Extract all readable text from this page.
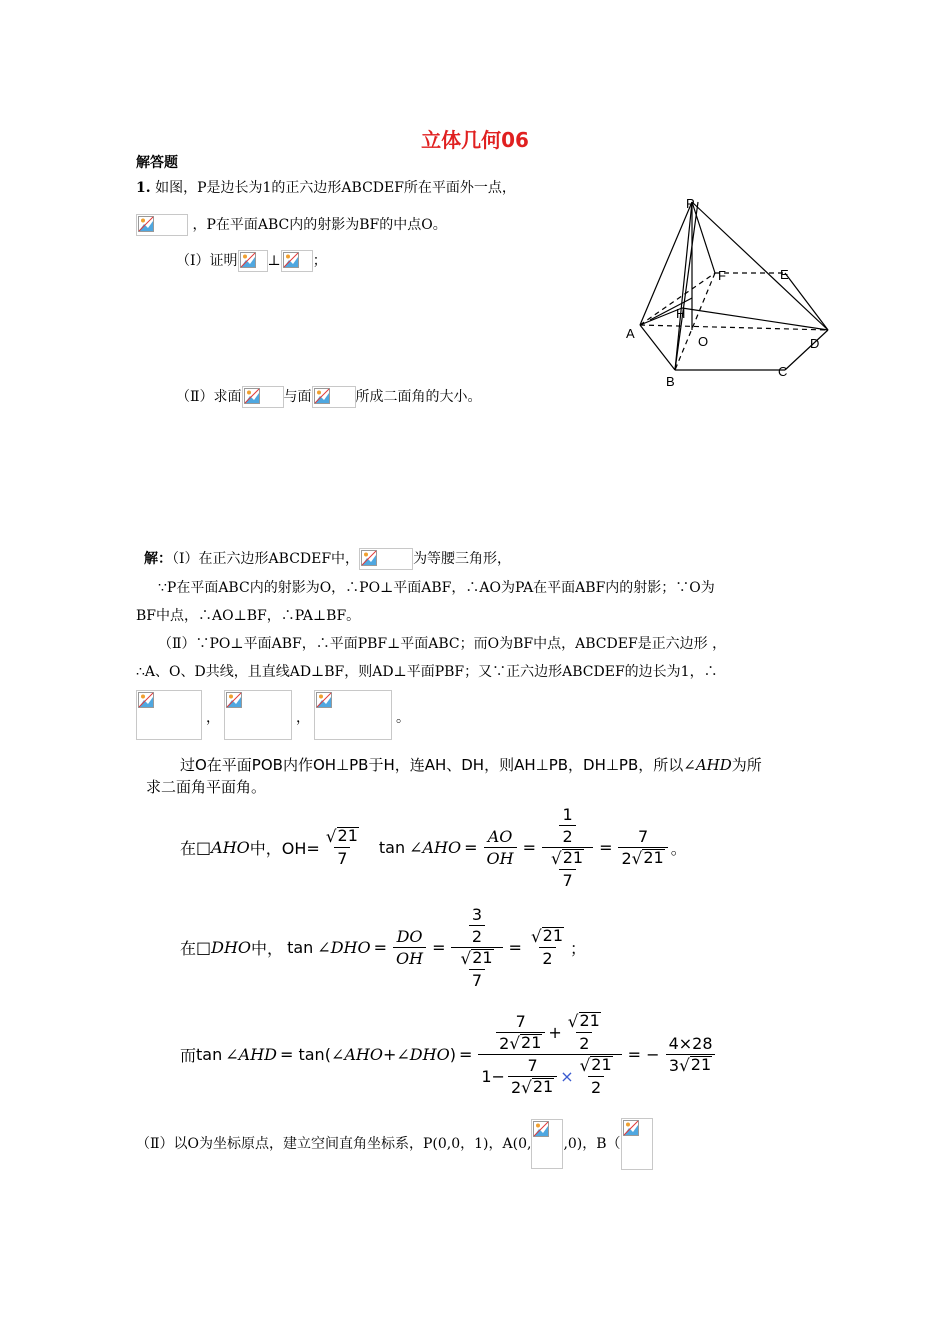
立体几何06
解答题
1. 如图，P是边长为1的正六边形ABCDEF所在平面外一点，
，P在平面ABC内的射影为BF的中点O。
（Ⅰ）证明 ⊥ ；
（Ⅱ）求面	与面	所成二面角的大小。
P
F	E
H
A
O	D
B
C
解：（Ⅰ）在正六边形ABCDEF中，	为等腰三角形，
∵P在平面ABC内的射影为O，∴PO⊥平面ABF，∴AO为PA在平面ABF内的射影；∵O为
BF中点，∴AO⊥BF，∴PA⊥BF。
（Ⅱ）∵PO⊥平面ABF，∴平面PBF⊥平面ABC；而O为BF中点，ABCDEF是正六边形 ，
∴A、O、D共线，且直线AD⊥BF，则AD⊥平面PBF；又∵正六边形ABCDEF的边长为1，∴
，	，	。
过O在平面POB内作OH⊥PB于H，连AH、DH，则AH⊥PB，DH⊥PB，所以∠AHD为所
求二面角平面角。
在 □ AHO 中，$OH= \frac{√ 21}{7}$ tan ∠AHO = $\frac{AO}{OH} = \frac{\frac{1}{2}}{\frac{√ 21}{7}} = \frac{7}{2 √ 21}$ 。
在 □ DHO 中， tan ∠DHO = $\frac{DO}{OH} = \frac{\frac{3}{2}}{\frac{√ 21}{7}} = \frac{√ 21}{2}$ ；
而 tan ∠AHD = tan( ∠AHO + ∠DHO ) = $\frac{\frac{7}{2 √ 21} + \frac{√ 21}{2}}{1- \frac{7}{2 √ 21} \times \frac{√ 21}{2}}$ = − $\frac{4\times 28}{3 √ 21}$
（Ⅱ）以O为坐标原点，建立空间直角坐标系，P(0,0，1)，A(0, ,0)，B（
